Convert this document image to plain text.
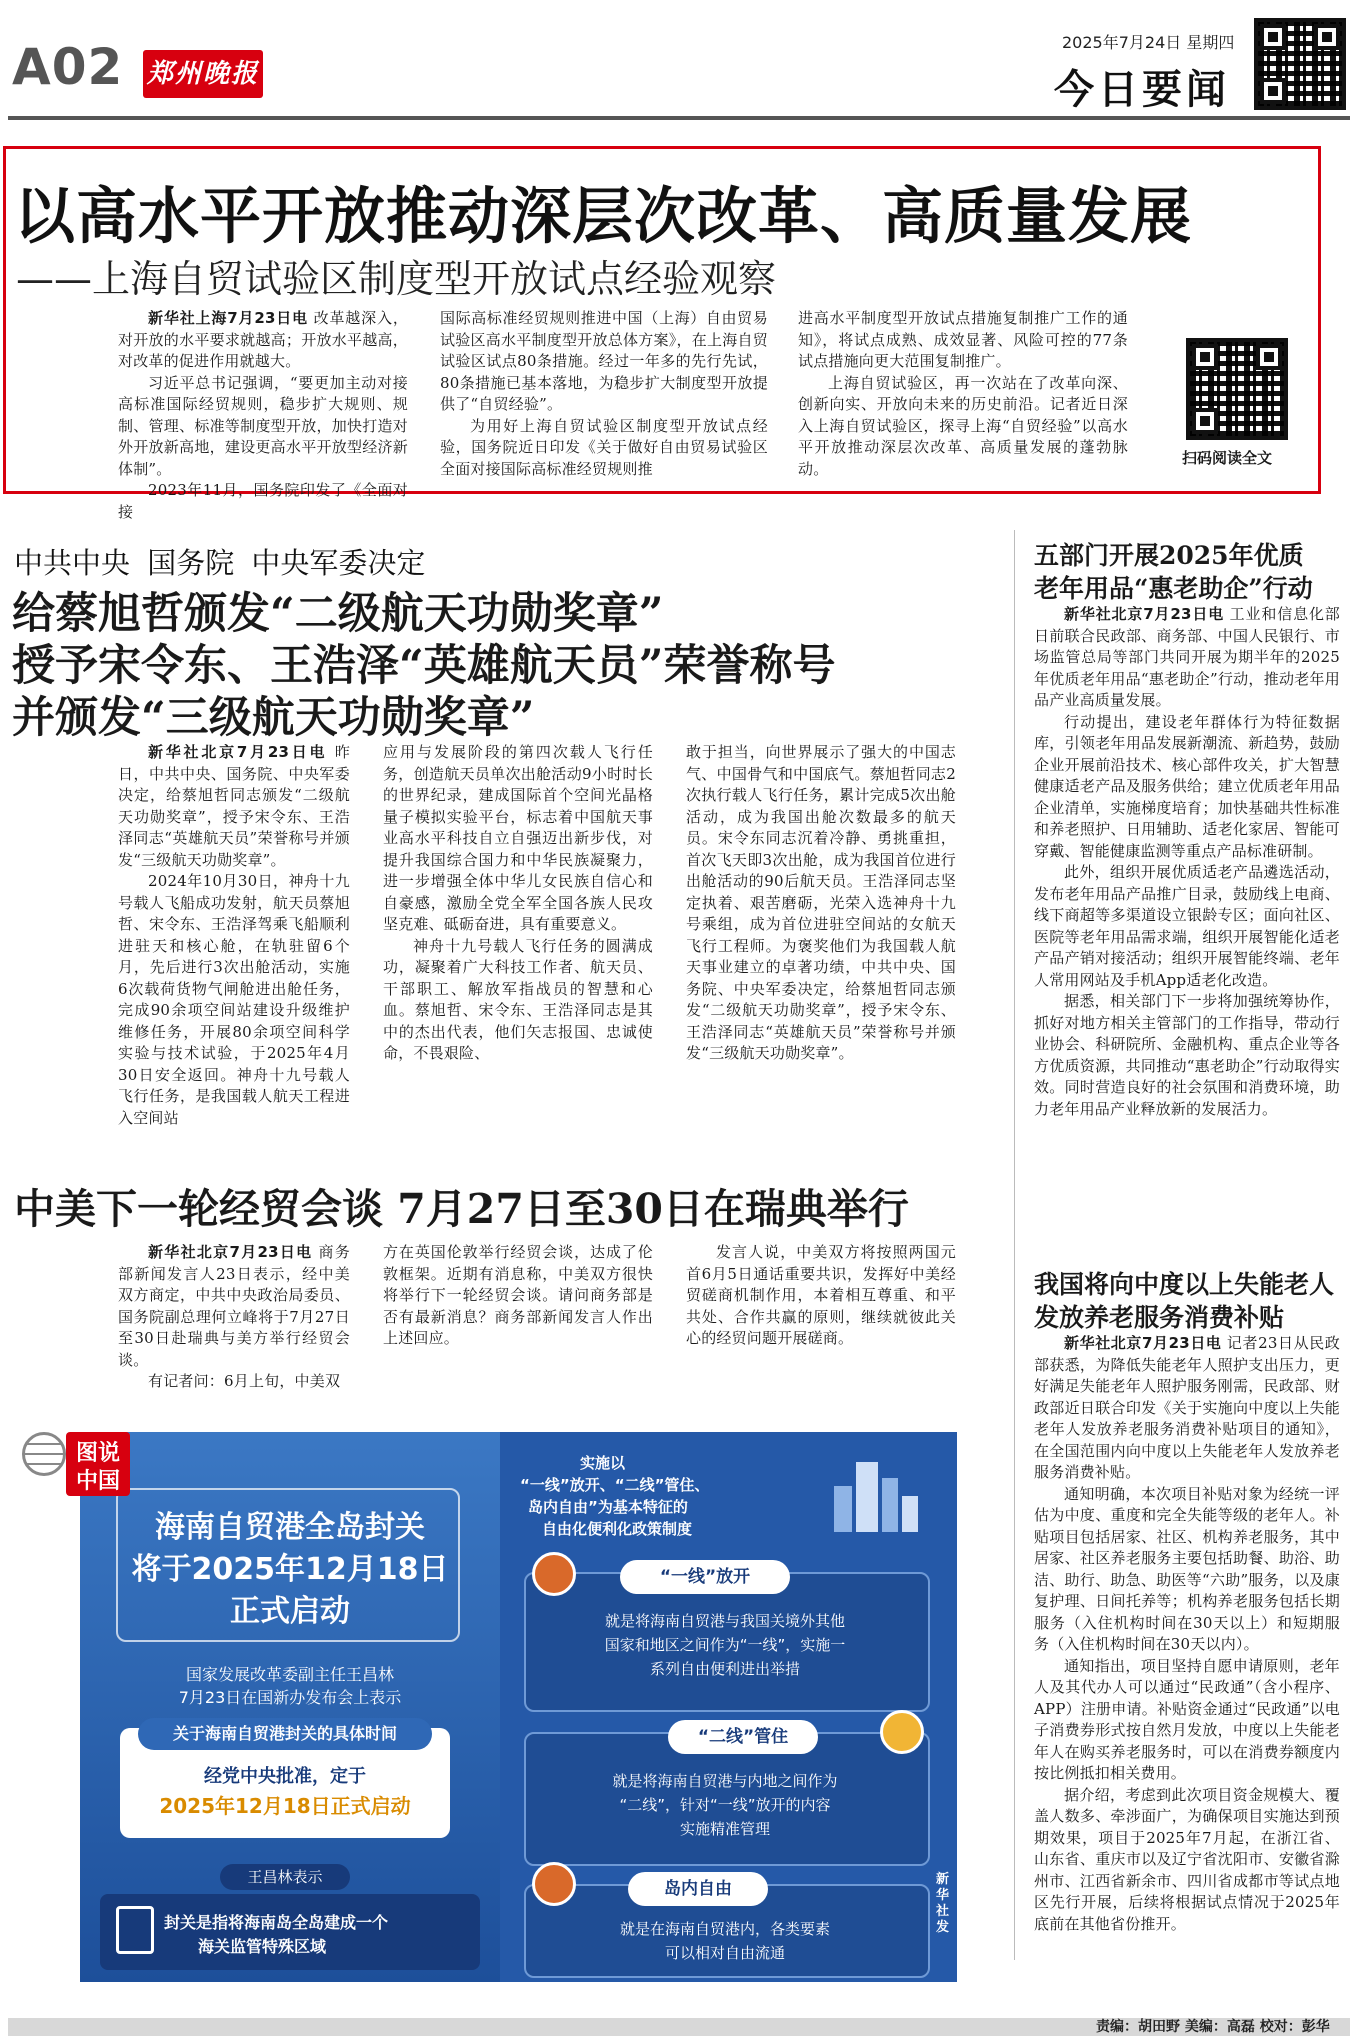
A02 郑州晚报
2025年7月24日 星期四
今日要闻
以高水平开放推动深层次改革、高质量发展
——上海自贸试验区制度型开放试点经验观察

新华社上海7月23日电 改革越深入，对开放的水平要求就越高；开放水平越高，对改革的促进作用就越大。

习近平总书记强调，“要更加主动对接高标准国际经贸规则，稳步扩大规则、规制、管理、标准等制度型开放，加快打造对外开放新高地，建设更高水平开放型经济新体制”。

2023年11月，国务院印发了《全面对接

国际高标准经贸规则推进中国（上海）自由贸易试验区高水平制度型开放总体方案》，在上海自贸试验区试点80条措施。经过一年多的先行先试，80条措施已基本落地，为稳步扩大制度型开放提供了“自贸经验”。

为用好上海自贸试验区制度型开放试点经验，国务院近日印发《关于做好自由贸易试验区全面对接国际高标准经贸规则推

进高水平制度型开放试点措施复制推广工作的通知》，将试点成熟、成效显著、风险可控的77条试点措施向更大范围复制推广。

上海自贸试验区，再一次站在了改革向深、创新向实、开放向未来的历史前沿。记者近日深入上海自贸试验区，探寻上海“自贸经验”以高水平开放推动深层次改革、高质量发展的蓬勃脉动。

扫码阅读全文
中共中央 国务院 中央军委决定
给蔡旭哲颁发“二级航天功勋奖章”
授予宋令东、王浩泽“英雄航天员”荣誉称号
并颁发“三级航天功勋奖章”

新华社北京7月23日电 昨日，中共中央、国务院、中央军委决定，给蔡旭哲同志颁发“二级航天功勋奖章”，授予宋令东、王浩泽同志“英雄航天员”荣誉称号并颁发“三级航天功勋奖章”。

2024年10月30日，神舟十九号载人飞船成功发射，航天员蔡旭哲、宋令东、王浩泽驾乘飞船顺利进驻天和核心舱，在轨驻留6个月，先后进行3次出舱活动，实施6次载荷货物气闸舱进出舱任务，完成90余项空间站建设升级维护维修任务，开展80余项空间科学实验与技术试验，于2025年4月30日安全返回。神舟十九号载人飞行任务，是我国载人航天工程进入空间站

应用与发展阶段的第四次载人飞行任务，创造航天员单次出舱活动9小时时长的世界纪录，建成国际首个空间光晶格量子模拟实验平台，标志着中国航天事业高水平科技自立自强迈出新步伐，对提升我国综合国力和中华民族凝聚力，进一步增强全体中华儿女民族自信心和自豪感，激励全党全军全国各族人民攻坚克难、砥砺奋进，具有重要意义。

神舟十九号载人飞行任务的圆满成功，凝聚着广大科技工作者、航天员、干部职工、解放军指战员的智慧和心血。蔡旭哲、宋令东、王浩泽同志是其中的杰出代表，他们矢志报国、忠诚使命，不畏艰险、

敢于担当，向世界展示了强大的中国志气、中国骨气和中国底气。蔡旭哲同志2次执行载人飞行任务，累计完成5次出舱活动，成为我国出舱次数最多的航天员。宋令东同志沉着冷静、勇挑重担，首次飞天即3次出舱，成为我国首位进行出舱活动的90后航天员。王浩泽同志坚定执着、艰苦磨砺，光荣入选神舟十九号乘组，成为首位进驻空间站的女航天飞行工程师。为褒奖他们为我国载人航天事业建立的卓著功绩，中共中央、国务院、中央军委决定，给蔡旭哲同志颁发“二级航天功勋奖章”，授予宋令东、王浩泽同志“英雄航天员”荣誉称号并颁发“三级航天功勋奖章”。

中美下一轮经贸会谈 7月27日至30日在瑞典举行

新华社北京7月23日电 商务部新闻发言人23日表示，经中美双方商定，中共中央政治局委员、国务院副总理何立峰将于7月27日至30日赴瑞典与美方举行经贸会谈。

有记者问：6月上旬，中美双

方在英国伦敦举行经贸会谈，达成了伦敦框架。近期有消息称，中美双方很快将举行下一轮经贸会谈。请问商务部是否有最新消息？商务部新闻发言人作出上述回应。

发言人说，中美双方将按照两国元首6月5日通话重要共识，发挥好中美经贸磋商机制作用，本着相互尊重、和平共处、合作共赢的原则，继续就彼此关心的经贸问题开展磋商。

五部门开展2025年优质
老年用品“惠老助企”行动

新华社北京7月23日电 工业和信息化部日前联合民政部、商务部、中国人民银行、市场监管总局等部门共同开展为期半年的2025年优质老年用品“惠老助企”行动，推动老年用品产业高质量发展。

行动提出，建设老年群体行为特征数据库，引领老年用品发展新潮流、新趋势，鼓励企业开展前沿技术、核心部件攻关，扩大智慧健康适老产品及服务供给；建立优质老年用品企业清单，实施梯度培育；加快基础共性标准和养老照护、日用辅助、适老化家居、智能可穿戴、智能健康监测等重点产品标准研制。

此外，组织开展优质适老产品遴选活动，发布老年用品产品推广目录，鼓励线上电商、线下商超等多渠道设立银龄专区；面向社区、医院等老年用品需求端，组织开展智能化适老产品产销对接活动；组织开展智能终端、老年人常用网站及手机App适老化改造。

据悉，相关部门下一步将加强统筹协作，抓好对地方相关主管部门的工作指导，带动行业协会、科研院所、金融机构、重点企业等各方优质资源，共同推动“惠老助企”行动取得实效。同时营造良好的社会氛围和消费环境，助力老年用品产业释放新的发展活力。

我国将向中度以上失能老人
发放养老服务消费补贴

新华社北京7月23日电 记者23日从民政部获悉，为降低失能老年人照护支出压力，更好满足失能老年人照护服务刚需，民政部、财政部近日联合印发《关于实施向中度以上失能老年人发放养老服务消费补贴项目的通知》，在全国范围内向中度以上失能老年人发放养老服务消费补贴。

通知明确，本次项目补贴对象为经统一评估为中度、重度和完全失能等级的老年人。补贴项目包括居家、社区、机构养老服务，其中居家、社区养老服务主要包括助餐、助浴、助洁、助行、助急、助医等“六助”服务，以及康复护理、日间托养等；机构养老服务包括长期服务（入住机构时间在30天以上）和短期服务（入住机构时间在30天以内）。

通知指出，项目坚持自愿申请原则，老年人及其代办人可以通过“民政通”（含小程序、APP）注册申请。补贴资金通过“民政通”以电子消费券形式按自然月发放，中度以上失能老年人在购买养老服务时，可以在消费券额度内按比例抵扣相关费用。

据介绍，考虑到此次项目资金规模大、覆盖人数多、牵涉面广，为确保项目实施达到预期效果，项目于2025年7月起，在浙江省、山东省、重庆市以及辽宁省沈阳市、安徽省滁州市、江西省新余市、四川省成都市等试点地区先行开展，后续将根据试点情况于2025年底前在其他省份推开。

海南自贸港全岛封关
将于2025年12月18日
正式启动
国家发展改革委副主任王昌林
7月23日在国新办发布会上表示
关于海南自贸港封关的具体时间
经党中央批准，定于
2025年12月18日正式启动
王昌林表示
封关是指将海南岛全岛建成一个
海关监管特殊区域
实施以
“一线”放开、“二线”管住、
岛内自由”为基本特征的
自由化便利化政策制度
“一线”放开
就是将海南自贸港与我国关境外其他
国家和地区之间作为“一线”，实施一
系列自由便利进出举措
“二线”管住
就是将海南自贸港与内地之间作为
“二线”，针对“一线”放开的内容
实施精准管理
岛内自由
就是在海南自贸港内，各类要素
可以相对自由流通
新华社发
图说
中国
责编：胡田野 美编：高磊 校对：彭华
